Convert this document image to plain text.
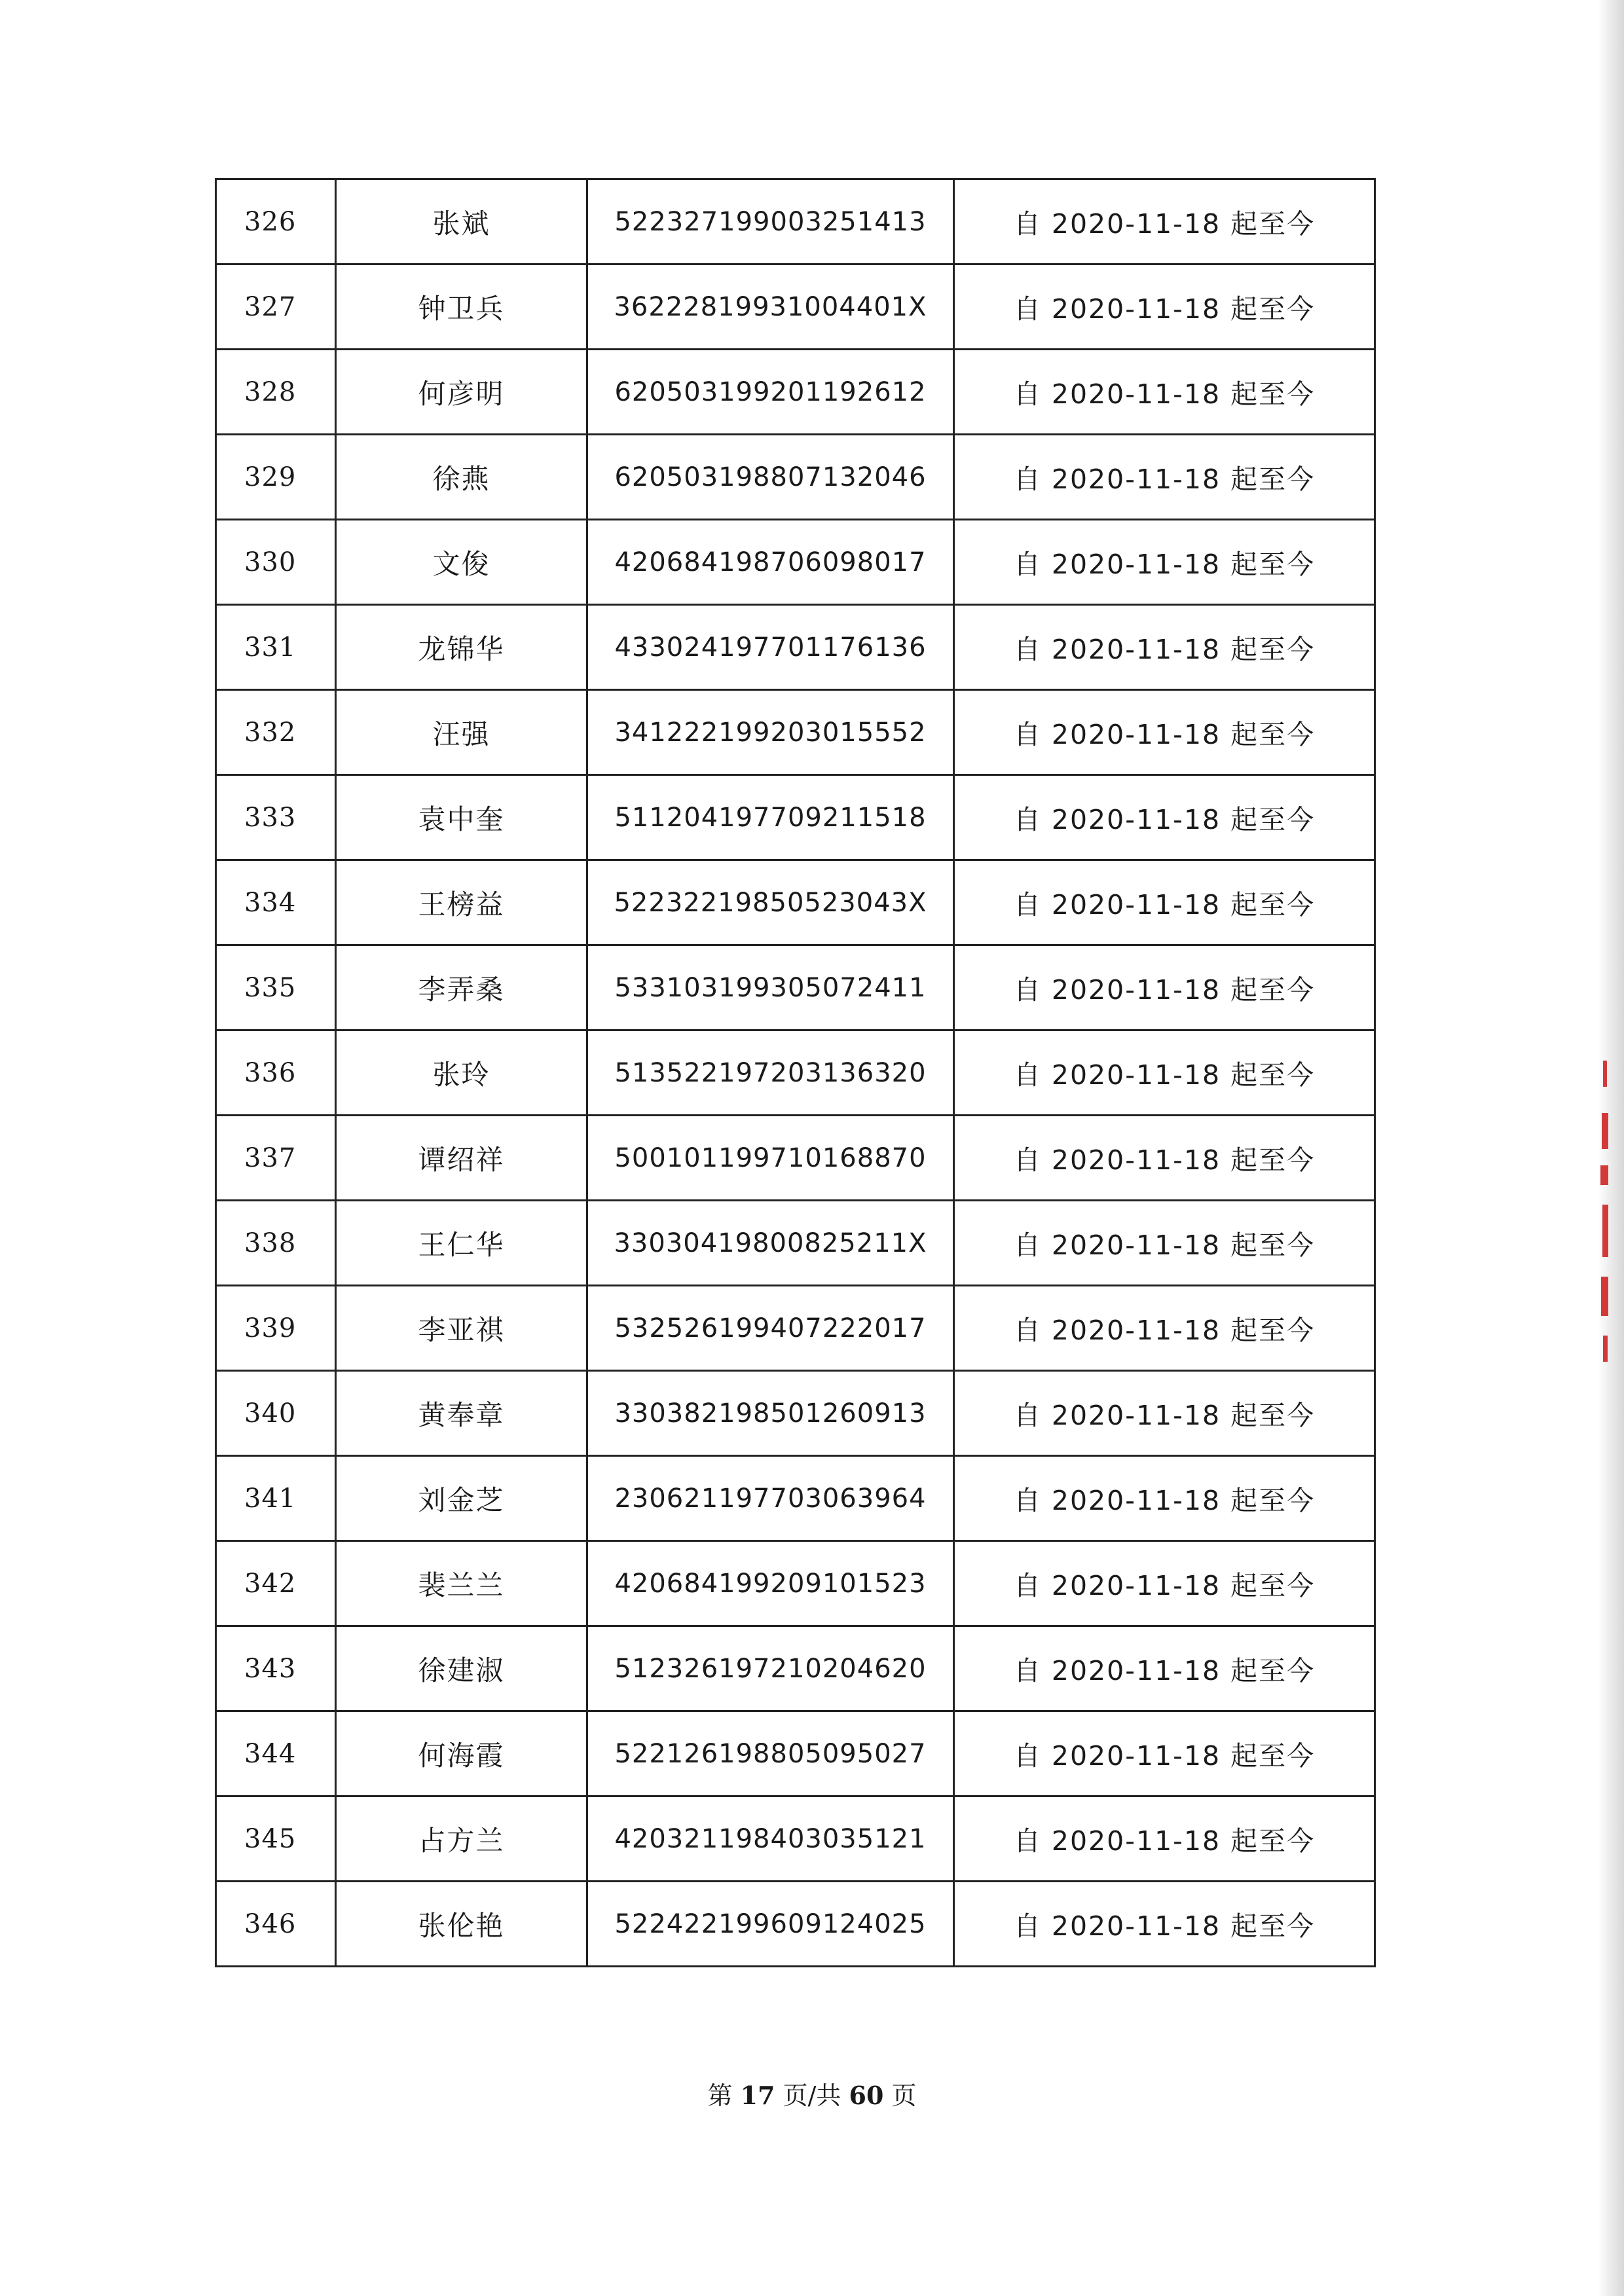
326	张斌	522327199003251413	自 2020-11-18 起至今
327	钟卫兵	36222819931004401X	自 2020-11-18 起至今
328	何彦明	620503199201192612	自 2020-11-18 起至今
329	徐燕	620503198807132046	自 2020-11-18 起至今
330	文俊	420684198706098017	自 2020-11-18 起至今
331	龙锦华	433024197701176136	自 2020-11-18 起至今
332	汪强	341222199203015552	自 2020-11-18 起至今
333	袁中奎	511204197709211518	自 2020-11-18 起至今
334	王榜益	52232219850523043X	自 2020-11-18 起至今
335	李弄桑	533103199305072411	自 2020-11-18 起至今
336	张玲	513522197203136320	自 2020-11-18 起至今
337	谭绍祥	500101199710168870	自 2020-11-18 起至今
338	王仁华	33030419800825211X	自 2020-11-18 起至今
339	李亚祺	532526199407222017	自 2020-11-18 起至今
340	黄奉章	330382198501260913	自 2020-11-18 起至今
341	刘金芝	230621197703063964	自 2020-11-18 起至今
342	裴兰兰	420684199209101523	自 2020-11-18 起至今
343	徐建淑	512326197210204620	自 2020-11-18 起至今
344	何海霞	522126198805095027	自 2020-11-18 起至今
345	占方兰	420321198403035121	自 2020-11-18 起至今
346	张伦艳	522422199609124025	自 2020-11-18 起至今
第 17 页/共 60 页
